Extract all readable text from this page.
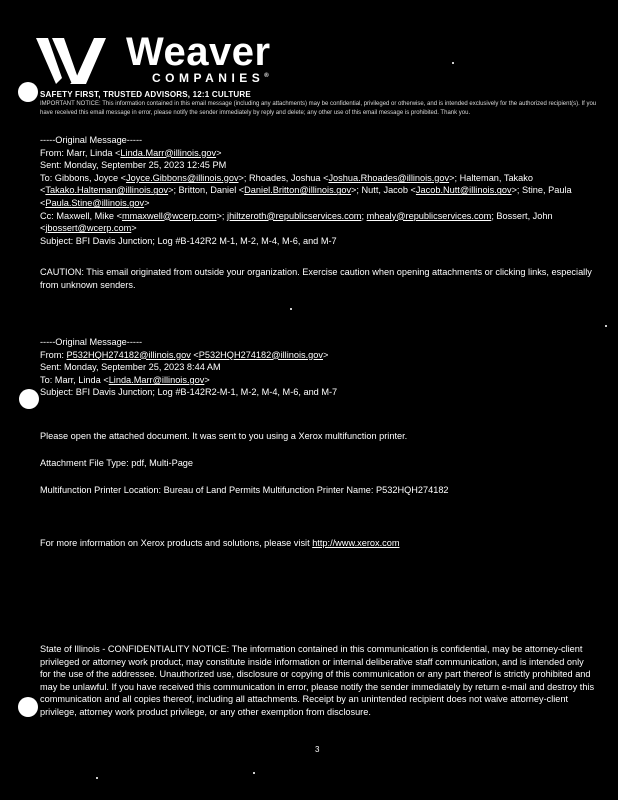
Weaver
COMPANIES®
SAFETY FIRST, TRUSTED ADVISORS, 12:1 CULTURE
IMPORTANT NOTICE: This information contained in this email message (including any attachments) may be confidential, privileged or otherwise, and is intended exclusively for the authorized recipient(s). If you have received this email message in error, please notify the sender immediately by reply and delete; any other use of this email message is prohibited. Thank you.

-----Original Message-----

From: Marr, Linda <Linda.Marr@illinois.gov>

Sent: Monday, September 25, 2023 12:45 PM

To: Gibbons, Joyce <Joyce.Gibbons@illinois.gov>; Rhoades, Joshua <Joshua.Rhoades@illinois.gov>; Halteman, Takako <Takako.Halteman@illinois.gov>; Britton, Daniel <Daniel.Britton@illinois.gov>; Nutt, Jacob <Jacob.Nutt@illinois.gov>; Stine, Paula <Paula.Stine@illinois.gov>

Cc: Maxwell, Mike <mmaxwell@wcerp.com>; jhiltzeroth@republicservices.com; mhealy@republicservices.com; Bossert, John <jbossert@wcerp.com>

Subject: BFI Davis Junction; Log #B-142R2 M-1, M-2, M-4, M-6, and M-7

CAUTION: This email originated from outside your organization. Exercise caution when opening attachments or clicking links, especially from unknown senders.

-----Original Message-----

From: P532HQH274182@illinois.gov <P532HQH274182@illinois.gov>

Sent: Monday, September 25, 2023 8:44 AM

To: Marr, Linda <Linda.Marr@illinois.gov>

Subject: BFI Davis Junction; Log #B-142R2-M-1, M-2, M-4, M-6, and M-7

Please open the attached document. It was sent to you using a Xerox multifunction printer.
Attachment File Type: pdf, Multi-Page
Multifunction Printer Location: Bureau of Land Permits Multifunction Printer Name: P532HQH274182
For more information on Xerox products and solutions, please visit http://www.xerox.com
State of Illinois - CONFIDENTIALITY NOTICE: The information contained in this communication is confidential, may be attorney-client privileged or attorney work product, may constitute inside information or internal deliberative staff communication, and is intended only for the use of the addressee. Unauthorized use, disclosure or copying of this communication or any part thereof is strictly prohibited and may be unlawful. If you have received this communication in error, please notify the sender immediately by return e-mail and destroy this communication and all copies thereof, including all attachments. Receipt by an unintended recipient does not waive attorney-client privilege, attorney work product privilege, or any other exemption from disclosure.
3
